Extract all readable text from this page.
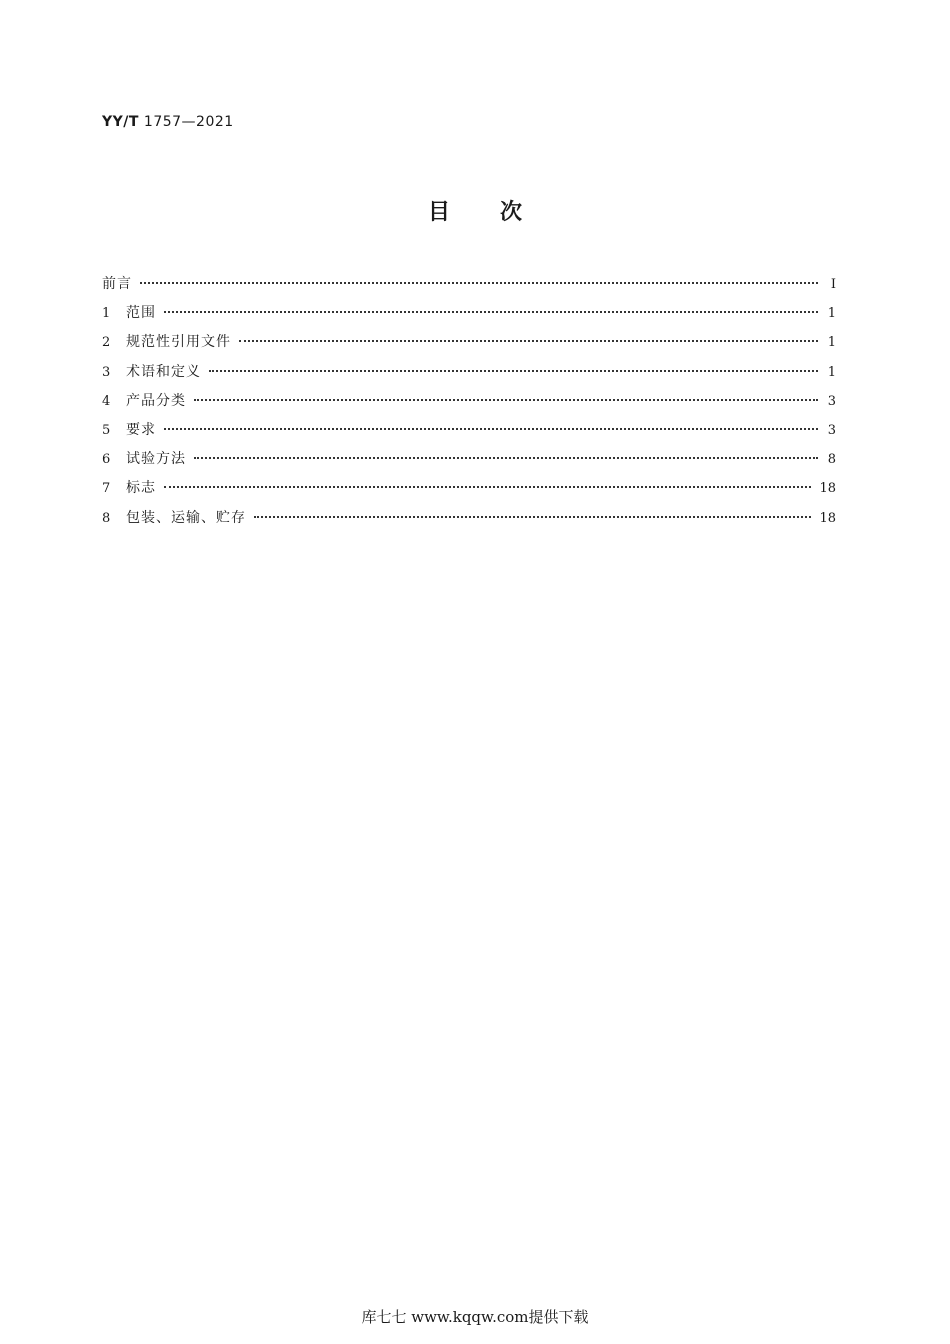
YY/T 1757—2021
目次
前言	Ⅰ
1	范围	1
2	规范性引用文件	1
3	术语和定义	1
4	产品分类	3
5	要求	3
6	试验方法	8
7	标志	18
8	包装、运输、贮存	18
库七七 www.kqqw.com提供下载
